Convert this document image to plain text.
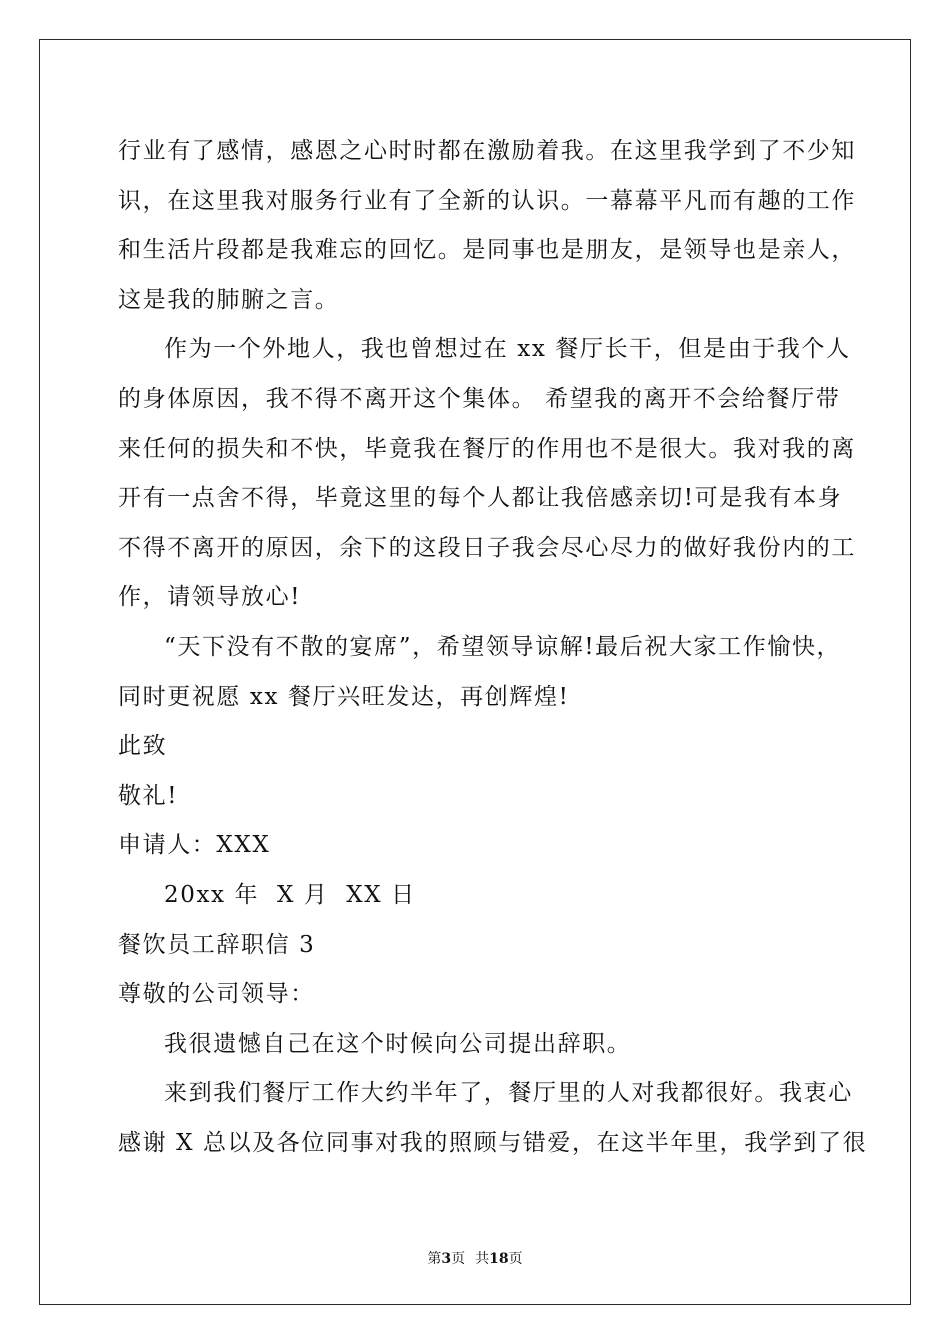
行业有了感情，感恩之心时时都在激励着我。在这里我学到了不少知
识，在这里我对服务行业有了全新的认识。一幕幕平凡而有趣的工作
和生活片段都是我难忘的回忆。是同事也是朋友，是领导也是亲人，
这是我的肺腑之言。
作为一个外地人，我也曾想过在 xx 餐厅长干，但是由于我个人
的身体原因，我不得不离开这个集体。 希望我的离开不会给餐厅带
来任何的损失和不快，毕竟我在餐厅的作用也不是很大。我对我的离
开有一点舍不得，毕竟这里的每个人都让我倍感亲切!可是我有本身
不得不离开的原因，余下的这段日子我会尽心尽力的做好我份内的工
作，请领导放心!
“天下没有不散的宴席”，希望领导谅解!最后祝大家工作愉快，
同时更祝愿 xx 餐厅兴旺发达，再创辉煌!
此致
敬礼!
申请人：XXX
20xx 年  X 月  XX 日
餐饮员工辞职信 3
尊敬的公司领导：
我很遗憾自己在这个时候向公司提出辞职。
来到我们餐厅工作大约半年了，餐厅里的人对我都很好。我衷心
感谢 X 总以及各位同事对我的照顾与错爱，在这半年里，我学到了很
第3页 共18页
